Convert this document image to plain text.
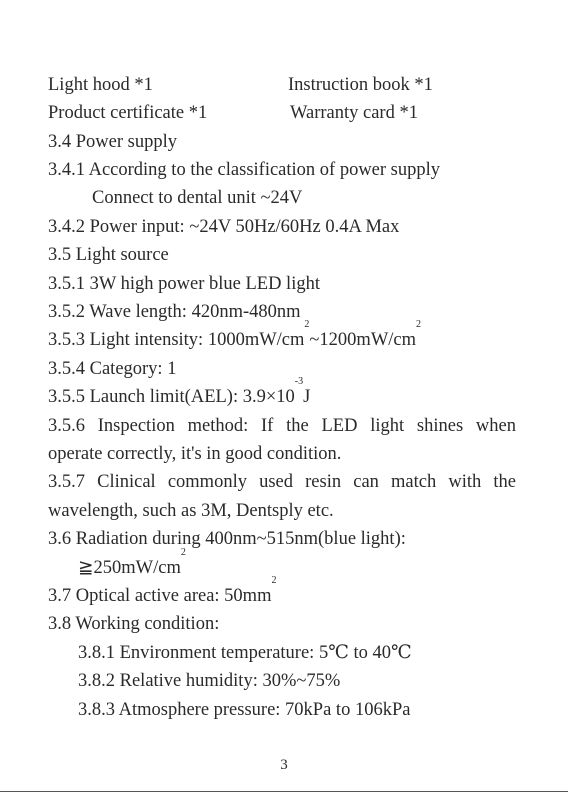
Light hood *1	Instruction book *1
Product certificate *1	Warranty card *1
3.4 Power supply
3.4.1 According to the classification of power supply
Connect to dental unit ~24V
3.4.2 Power input: ~24V 50Hz/60Hz 0.4A Max
3.5 Light source
3.5.1 3W high power blue LED light
3.5.2 Wave length: 420nm-480nm
3.5.3 Light intensity: $1000mW/cm^2\sim 1200mW/cm^2$
3.5.4 Category: 1
3.5.5 Launch limit(AEL): $3.9\times 10^{-3}J$
3.5.6 Inspection method: If the LED light shines when
operate correctly, it's in good condition.
3.5.7 Clinical commonly used resin can match with the
wavelength, such as 3M, Dentsply etc.
3.6 Radiation during 400nm~515nm(blue light):
$≧250mW/cm^2$
3.7 Optical active area: $50mm^2$
3.8 Working condition:
3.8.1 Environment temperature: 5℃ to 40℃
3.8.2 Relative humidity: 30%~75%
3.8.3 Atmosphere pressure: 70kPa to 106kPa
3
